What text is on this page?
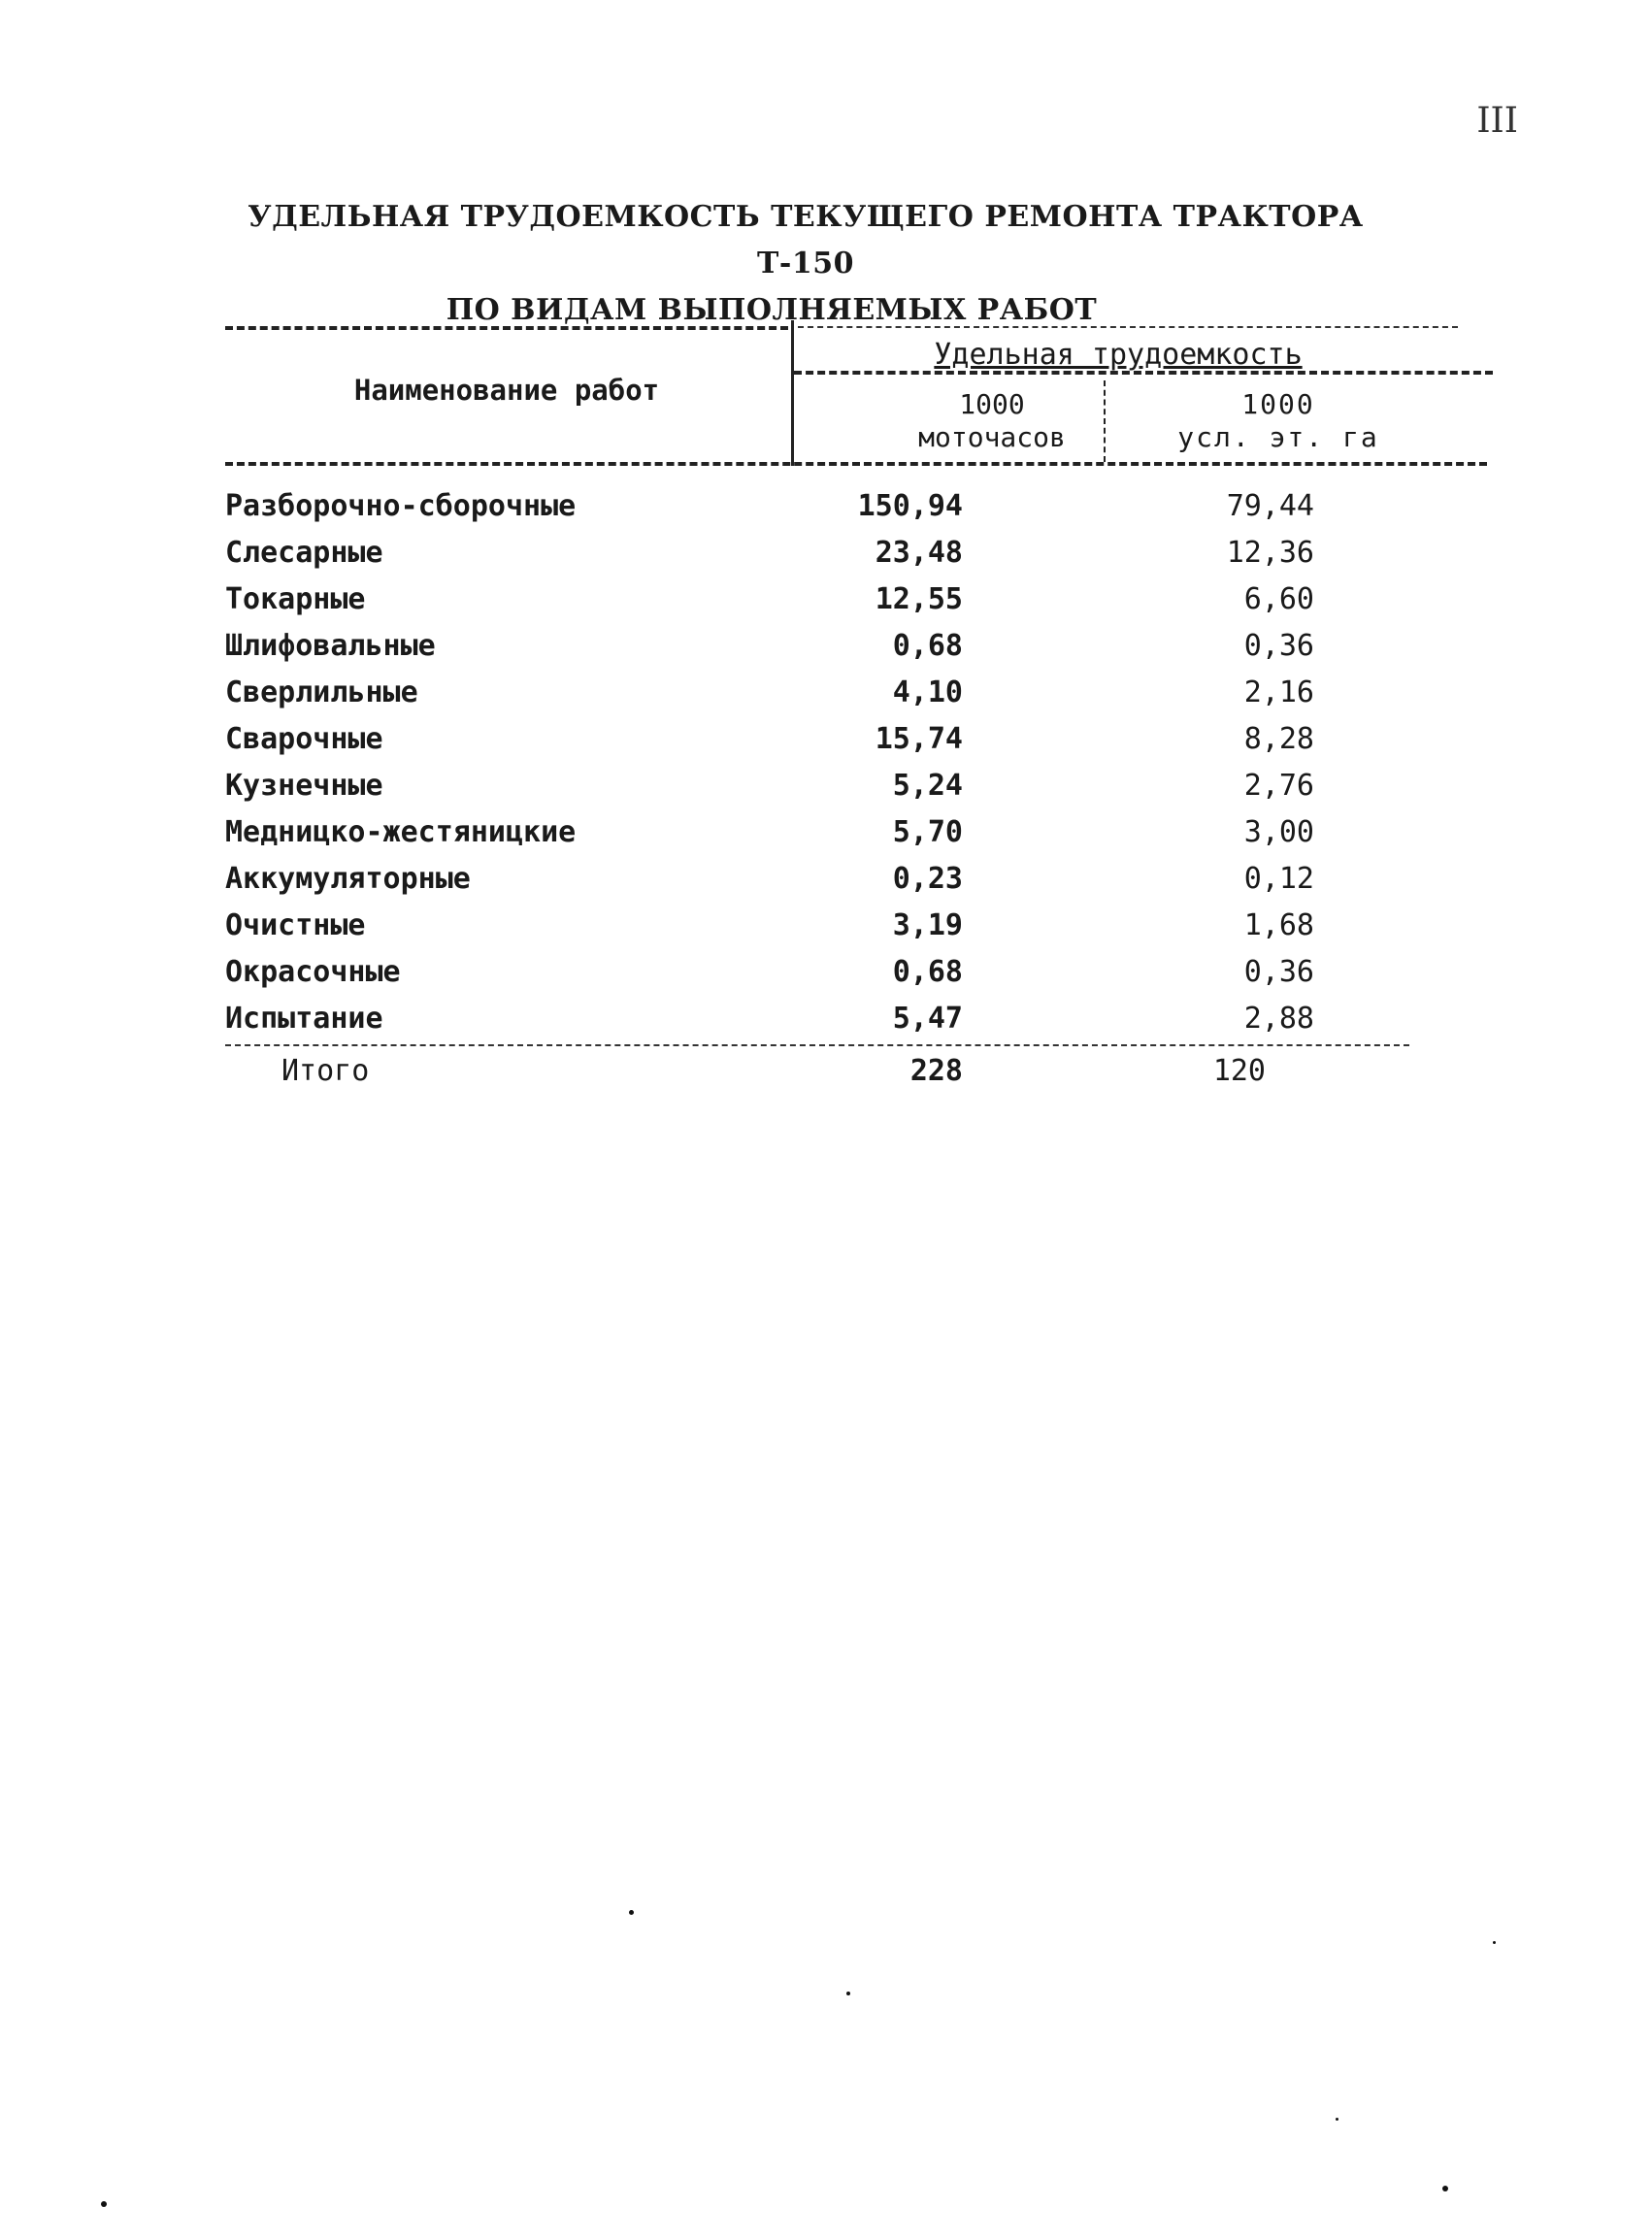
III
УДЕЛЬНАЯ ТРУДОЕМКОСТЬ ТЕКУЩЕГО РЕМОНТА ТРАКТОРА Т-150
ПО ВИДАМ ВЫПОЛНЯЕМЫХ РАБОТ
Наименование работ
Удельная трудоемкость
1000
моточасов
1000
усл. эт. га
Разборочно-сборочные	150,94	79,44
Слесарные	23,48	12,36
Токарные	12,55	6,60
Шлифовальные	0,68	0,36
Сверлильные	4,10	2,16
Сварочные	15,74	8,28
Кузнечные	5,24	2,76
Медницко-жестяницкие	5,70	3,00
Аккумуляторные	0,23	0,12
Очистные	3,19	1,68
Окрасочные	0,68	0,36
Испытание	5,47	2,88
Итого	228	120
